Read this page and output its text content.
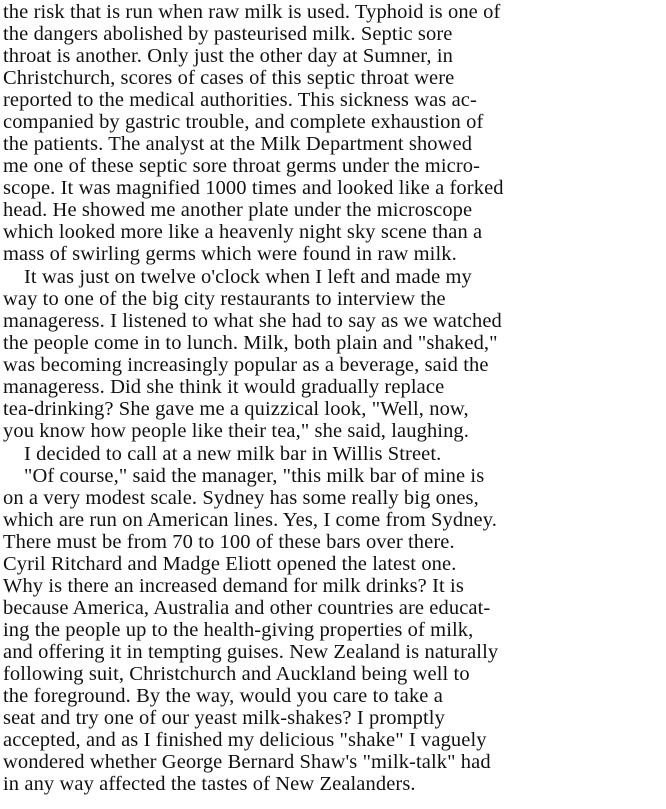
the risk that is run when raw milk is used. Typhoid is one of
the dangers abolished by pasteurised milk. Septic sore
throat is another. Only just the other day at Sumner, in
Christchurch, scores of cases of this septic throat were
reported to the medical authorities. This sickness was ac-
companied by gastric trouble, and complete exhaustion of
the patients. The analyst at the Milk Department showed
me one of these septic sore throat germs under the micro-
scope. It was magnified 1000 times and looked like a forked
head. He showed me another plate under the microscope
which looked more like a heavenly night sky scene than a
mass of swirling germs which were found in raw milk.
It was just on twelve o'clock when I left and made my
way to one of the big city restaurants to interview the
manageress. I listened to what she had to say as we watched
the people come in to lunch. Milk, both plain and "shaked,"
was becoming increasingly popular as a beverage, said the
manageress. Did she think it would gradually replace
tea-drinking? She gave me a quizzical look, "Well, now,
you know how people like their tea," she said, laughing.
I decided to call at a new milk bar in Willis Street.
"Of course," said the manager, "this milk bar of mine is
on a very modest scale. Sydney has some really big ones,
which are run on American lines. Yes, I come from Sydney.
There must be from 70 to 100 of these bars over there.
Cyril Ritchard and Madge Eliott opened the latest one.
Why is there an increased demand for milk drinks? It is
because America, Australia and other countries are educat-
ing the people up to the health-giving properties of milk,
and offering it in tempting guises. New Zealand is naturally
following suit, Christchurch and Auckland being well to
the foreground. By the way, would you care to take a
seat and try one of our yeast milk-shakes? I promptly
accepted, and as I finished my delicious "shake" I vaguely
wondered whether George Bernard Shaw's "milk-talk" had
in any way affected the tastes of New Zealanders.
